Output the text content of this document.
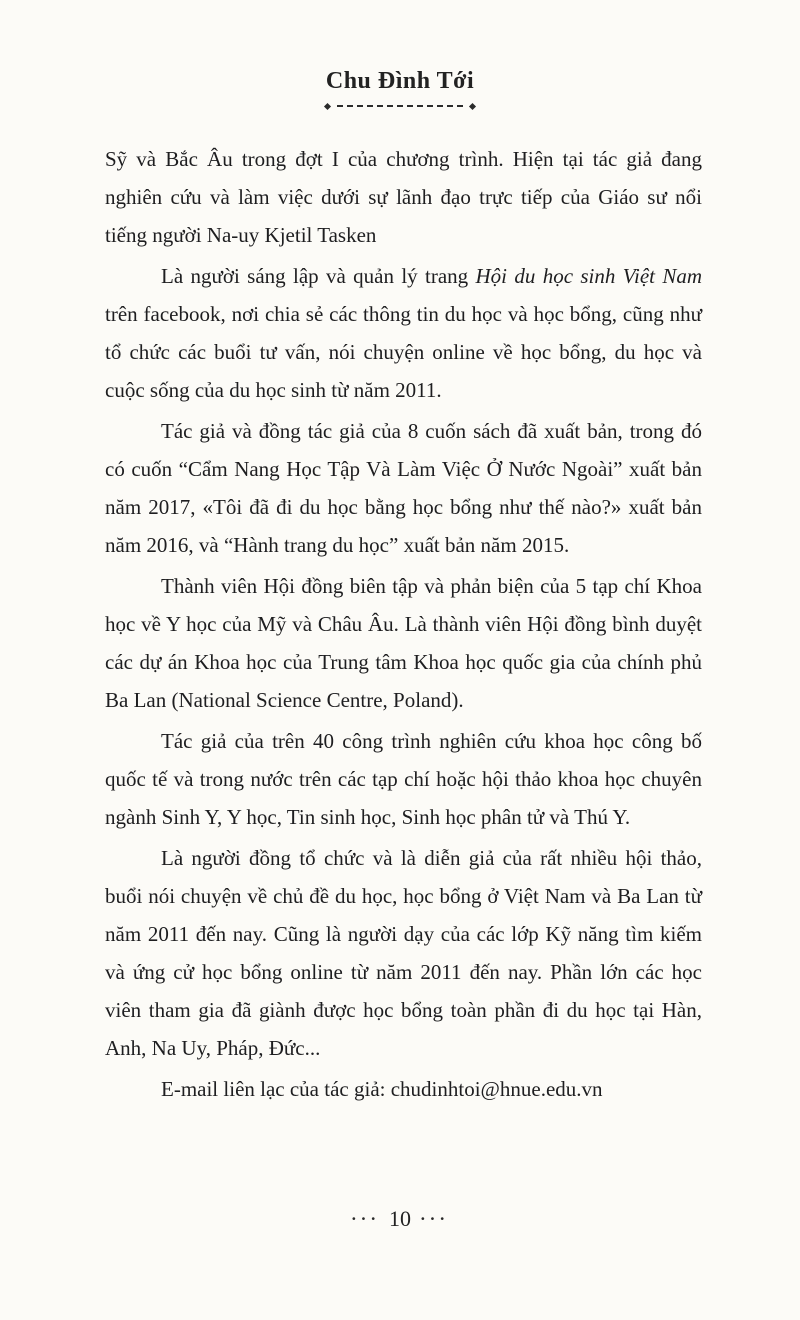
Chu Đình Tới

Sỹ và Bắc Âu trong đợt I của chương trình. Hiện tại tác giả đang nghiên cứu và làm việc dưới sự lãnh đạo trực tiếp của Giáo sư nổi tiếng người Na-uy Kjetil Tasken

Là người sáng lập và quản lý trang Hội du học sinh Việt Nam trên facebook, nơi chia sẻ các thông tin du học và học bổng, cũng như tổ chức các buổi tư vấn, nói chuyện online về học bổng, du học và cuộc sống của du học sinh từ năm 2011.

Tác giả và đồng tác giả của 8 cuốn sách đã xuất bản, trong đó có cuốn “Cẩm Nang Học Tập Và Làm Việc Ở Nước Ngoài” xuất bản năm 2017, «Tôi đã đi du học bằng học bổng như thế nào?» xuất bản năm 2016, và “Hành trang du học” xuất bản năm 2015.

Thành viên Hội đồng biên tập và phản biện của 5 tạp chí Khoa học về Y học của Mỹ và Châu Âu. Là thành viên Hội đồng bình duyệt các dự án Khoa học của Trung tâm Khoa học quốc gia của chính phủ Ba Lan (National Science Centre, Poland).

Tác giả của trên 40 công trình nghiên cứu khoa học công bố quốc tế và trong nước trên các tạp chí hoặc hội thảo khoa học chuyên ngành Sinh Y, Y học, Tin sinh học, Sinh học phân tử và Thú Y.

Là người đồng tổ chức và là diễn giả của rất nhiều hội thảo, buổi nói chuyện về chủ đề du học, học bổng ở Việt Nam và Ba Lan từ năm 2011 đến nay. Cũng là người dạy của các lớp Kỹ năng tìm kiếm và ứng cử học bổng online từ năm 2011 đến nay. Phần lớn các học viên tham gia đã giành được học bổng toàn phần đi du học tại Hàn, Anh, Na Uy, Pháp, Đức...

E-mail liên lạc của tác giả: chudinhtoi@hnue.edu.vn

··· 10 ···
